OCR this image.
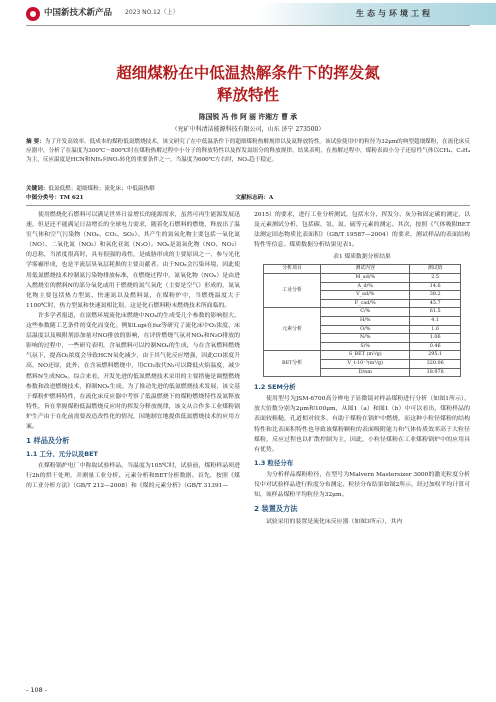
中国新技术新产品 2023 NO.12（上）	生态与环境工程
超细煤粉在中低温热解条件下的挥发氮
释放特性
陈国锐 冯 伟 阿 丽 许湘方 曹 承
（兖矿中科清洁能源科技有限公司，山东 济宁 273500）
摘 要：为了开发高效率、低成本的煤粉低氮燃烧技术，该文研究了在中低温条件下的超细煤粉热解规律以及氮释放特性。该试验使用中的粒径为32μm的典型超细煤粉，在流化床反应器中，分析了在温度为300℃～800℃时在煤粉热解过程中小分子的释放特性以及挥发氮组分的释放规律。结果表明，在热解过程中，煤粉表面小分子还原性气体以CH₄、C₂H₄为主，反应温度是HCN和NH₃向NO₂转化的重要条件之一，当温度为600℃左右时，NOₓ趋于稳定。
关键词：低氮低燃；超细煤粉；流化床；中低温热解
中图分类号：TM 621	文献标志码：A

使用燃烧化石燃料可以满足世界日益增长的能源需求，虽然可再生能源发展迅速，但是还不能满足日益增长的全球电力需求，随着化石燃料的燃烧，释放出了温室气体和空气污染物（NOₓ、CO₂、SO₂）。其产生的氮氧化物主要包括一氧化氮（NO）、二氧化氮（NO₂）和氧化亚氮（N₂O）。NOₓ是氮氧化物（NO、NO₂）的总称，当浓度很高时，具有很强的毒性，是威胁形成的主要原因之一，参与光化学雾霾形成，也是平流层臭氧层耗损的主要贡献者。由于NOₓ会污染环境，因此使用低氮燃烧技术控制氮污染物排放标准，在燃烧过程中，氮氧化物（NOₓ）是由进入燃烧室的燃料N的部分氧化或用于燃烧的氮气氧化（主要是空气）形成的，氮氧化物主要包括热力型氮、快速氮以及燃料氮，在煤粉炉中，当燃烧温度大于1100℃时，热力型氮和快速氮相比很，这是化石燃料粉末燃烧技术所面临的。

许多学者报道，在富燃环境流化床燃烧中NOₓ的生成受几个参数的影响很大，这些参数随工艺条件的变化而变化。例如Lupi在fsz等研究了流化床中O₂浓度、床层温度以及吸附剂添加量对NO排放的影响，在评价燃烧气氛对NOₓ和N₂O排放的影响的过程中，一些研究表明，含氧燃料可以控制NOₓ的生成，与在含氧燃料燃烧气氛下，提高O₂浓度会导致HCN氧化减少，由于其气化反应增强，因此CO浓度升高，NO还原，此外，在含氧燃料燃烧中，用CO₂取代N₂可以降低火焰温度，减少燃料N生成NOₓ。综合来看，开发先进的低氮燃烧技术采用的主要措施是调整燃烧参数和改进燃烧技术，抑制NOₓ生成。为了推动先进的低氮燃烧技术发展，该文基于煤粉炉燃料特性，在流化床反应器中考察了低温燃烧下的煤粉燃烧特性及氮释放特性，旨在掌握煤粉低温燃烧反应时的挥发分释放规律，该文从合作多工业煤粉锅炉生产由于在化前需要改造改性化的情况，因地制宜地提供低氮燃烧技术的应用方案。

1 样品及分析
1.1 工分、元分以及BET

在煤粉锅炉电厂中称取试验样品，当温度为105℃时，试验前，煤粉样品须进行2h的烘干处理，并测量工业分析、元素分析和BET分析数据。首先，按照《煤的工业分析方法》（GB/T 212—2008）和《煤的元素分析》（GB/T 31391—

2015）的要求，进行工业分析测试，包括水分、挥发分、灰分和固定碳的测定，以及元素测试分析，包括碳、氢、氮、硫等元素的测定。其次，按照《气体吸附BET法测定固态物质比表面积》（GB/T 19587—2004）的要求，测试样品的表面结构特性等信息。煤质数据分析结果见表1。

表1 煤质数据分析结果
分析项目	测试内容	测试值
工业分析	M_ad/%	2.5
	A_d/%	14.6
	V_ad/%	38.2
	F_cad/%	45.7
元素分析	C/%	61.5
	H/%	4.1
	O/%	1.6
	N/%	1.06
	S/%	0.46
BET分析	S_BET (m²/g)	295.1
	V_t·10⁻³(m³/g)	320.06
	D/nm	18.978
1.2 SEM分析

使用型号为JSM-6700高分辨电子显微镜对样品煤粉进行分析（如图1所示），放大倍数分别为2μm和100μm，从图1（a）和图1（b）中可以看出，煤粉样品的表面较粗糙，孔道相对较多，有助于煤粉在锅炉中燃烧，而这种小粒径煤粉的结构特性和比表面积特性也导致该煤粉颗粒的表面吸附能力和气体传质效率高于大粒径煤粉，反应过程也以扩散控制为主，因此，小粒径煤粉在工业煤粉锅炉中的应用具有优势。

1.3 粒径分布

为分析样品煤粉粒径，在型号为Malvern Mastersizer 3000的激光粒度分析仪中对试验样品进行粒度分布测定，粒径分布结果如图2所示，经过加权平均计算可知，该样品煤粉平均粒径为32μm。

2 装置及方法

试验采用的装置是流化床反应器（如图3所示），其内

- 108 -
